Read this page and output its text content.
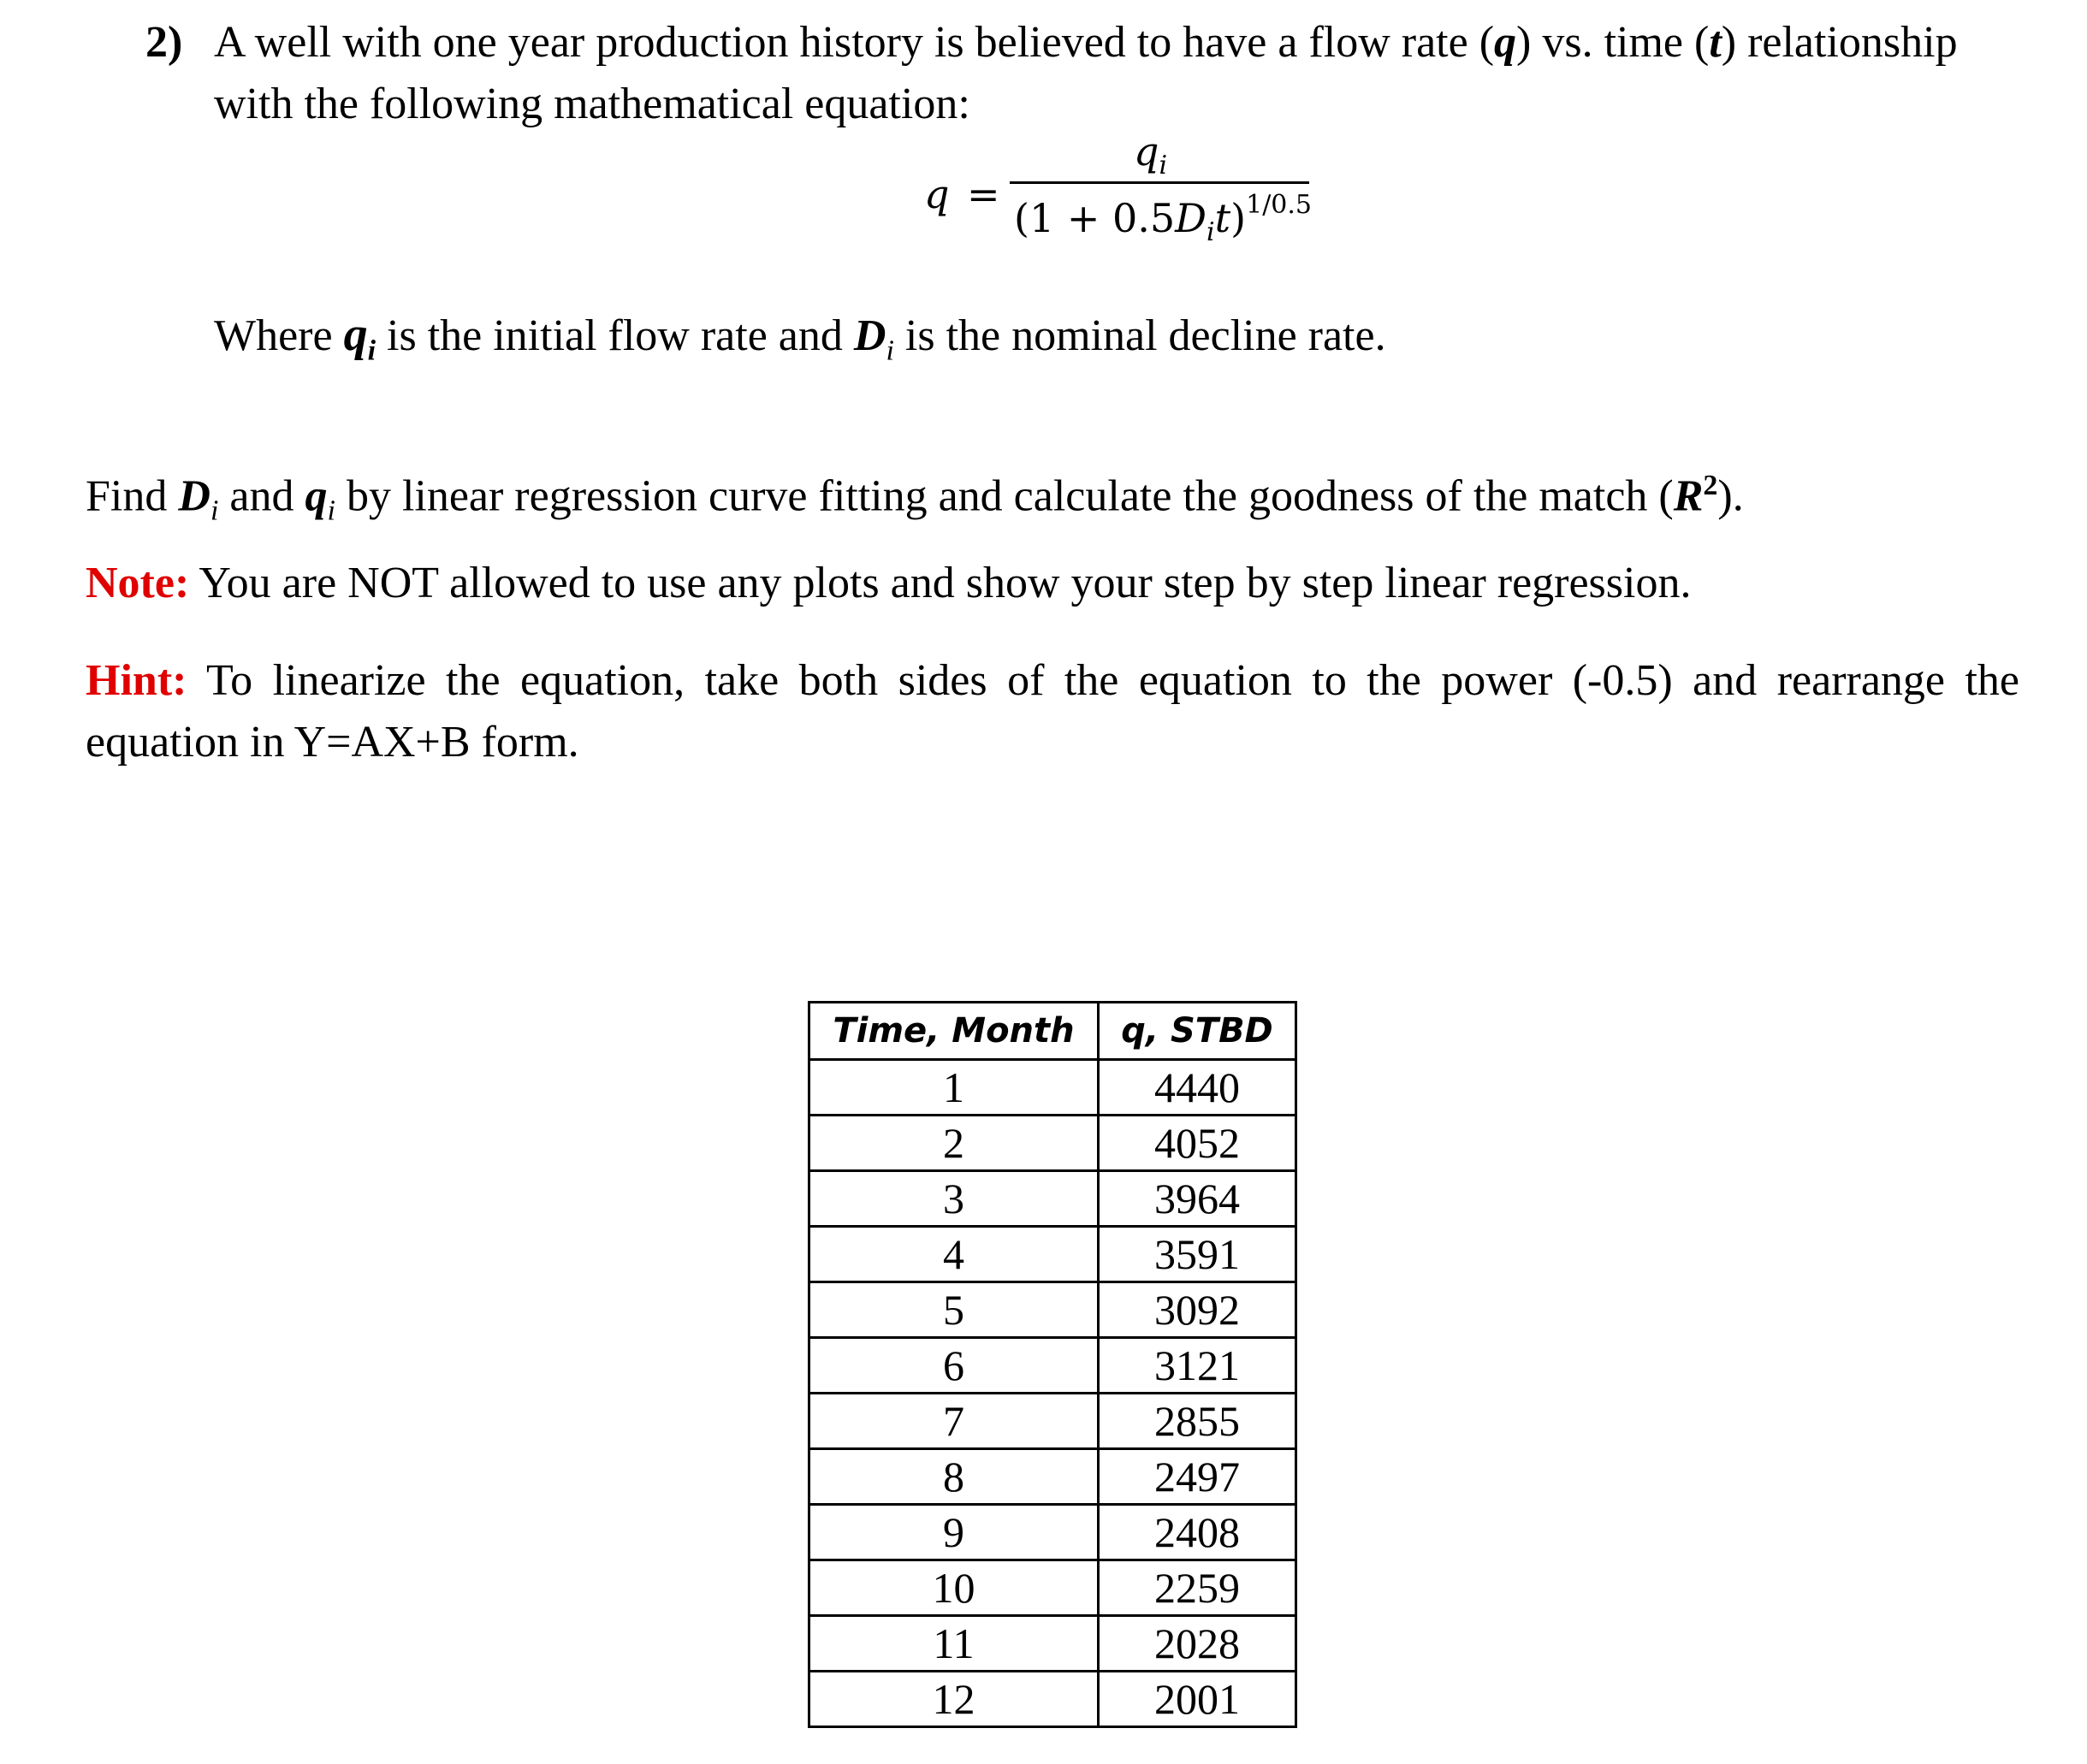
2) A well with one year production history is believed to have a flow rate (q) vs. time (t) relationship with the following mathematical equation:
q =
$q_i$
$(1 + 0.5D_it)^{1/0.5}$
Where $q_i$ is the initial flow rate and $D_i$ is the nominal decline rate.
Find $D_i$ and $q_i$ by linear regression curve fitting and calculate the goodness of the match $(R^2)$.
Note: You are NOT allowed to use any plots and show your step by step linear regression.
Hint: To linearize the equation, take both sides of the equation to the power (-0.5) and rearrange the equation in Y=AX+B form.
Time, Month	q, STBD
1	4440
2	4052
3	3964
4	3591
5	3092
6	3121
7	2855
8	2497
9	2408
10	2259
11	2028
12	2001
